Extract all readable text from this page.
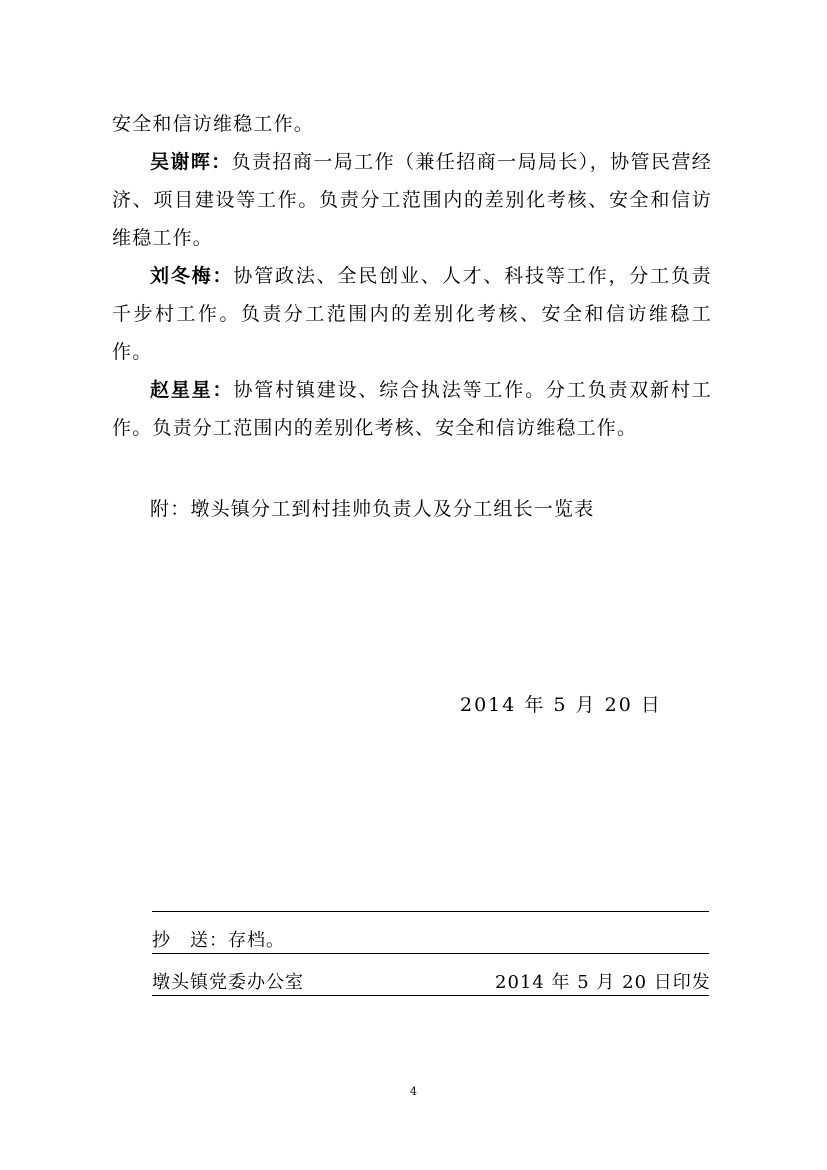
安全和信访维稳工作。

吴谢晖：负责招商一局工作（兼任招商一局局长），协管民营经济、项目建设等工作。负责分工范围内的差别化考核、安全和信访维稳工作。

刘冬梅：协管政法、全民创业、人才、科技等工作，分工负责千步村工作。负责分工范围内的差别化考核、安全和信访维稳工作。

赵星星：协管村镇建设、综合执法等工作。分工负责双新村工作。负责分工范围内的差别化考核、安全和信访维稳工作。

附：墩头镇分工到村挂帅负责人及分工组长一览表

2014 年 5 月 20 日
抄　送：存档。
墩头镇党委办公室	2014 年 5 月 20 日印发
4
